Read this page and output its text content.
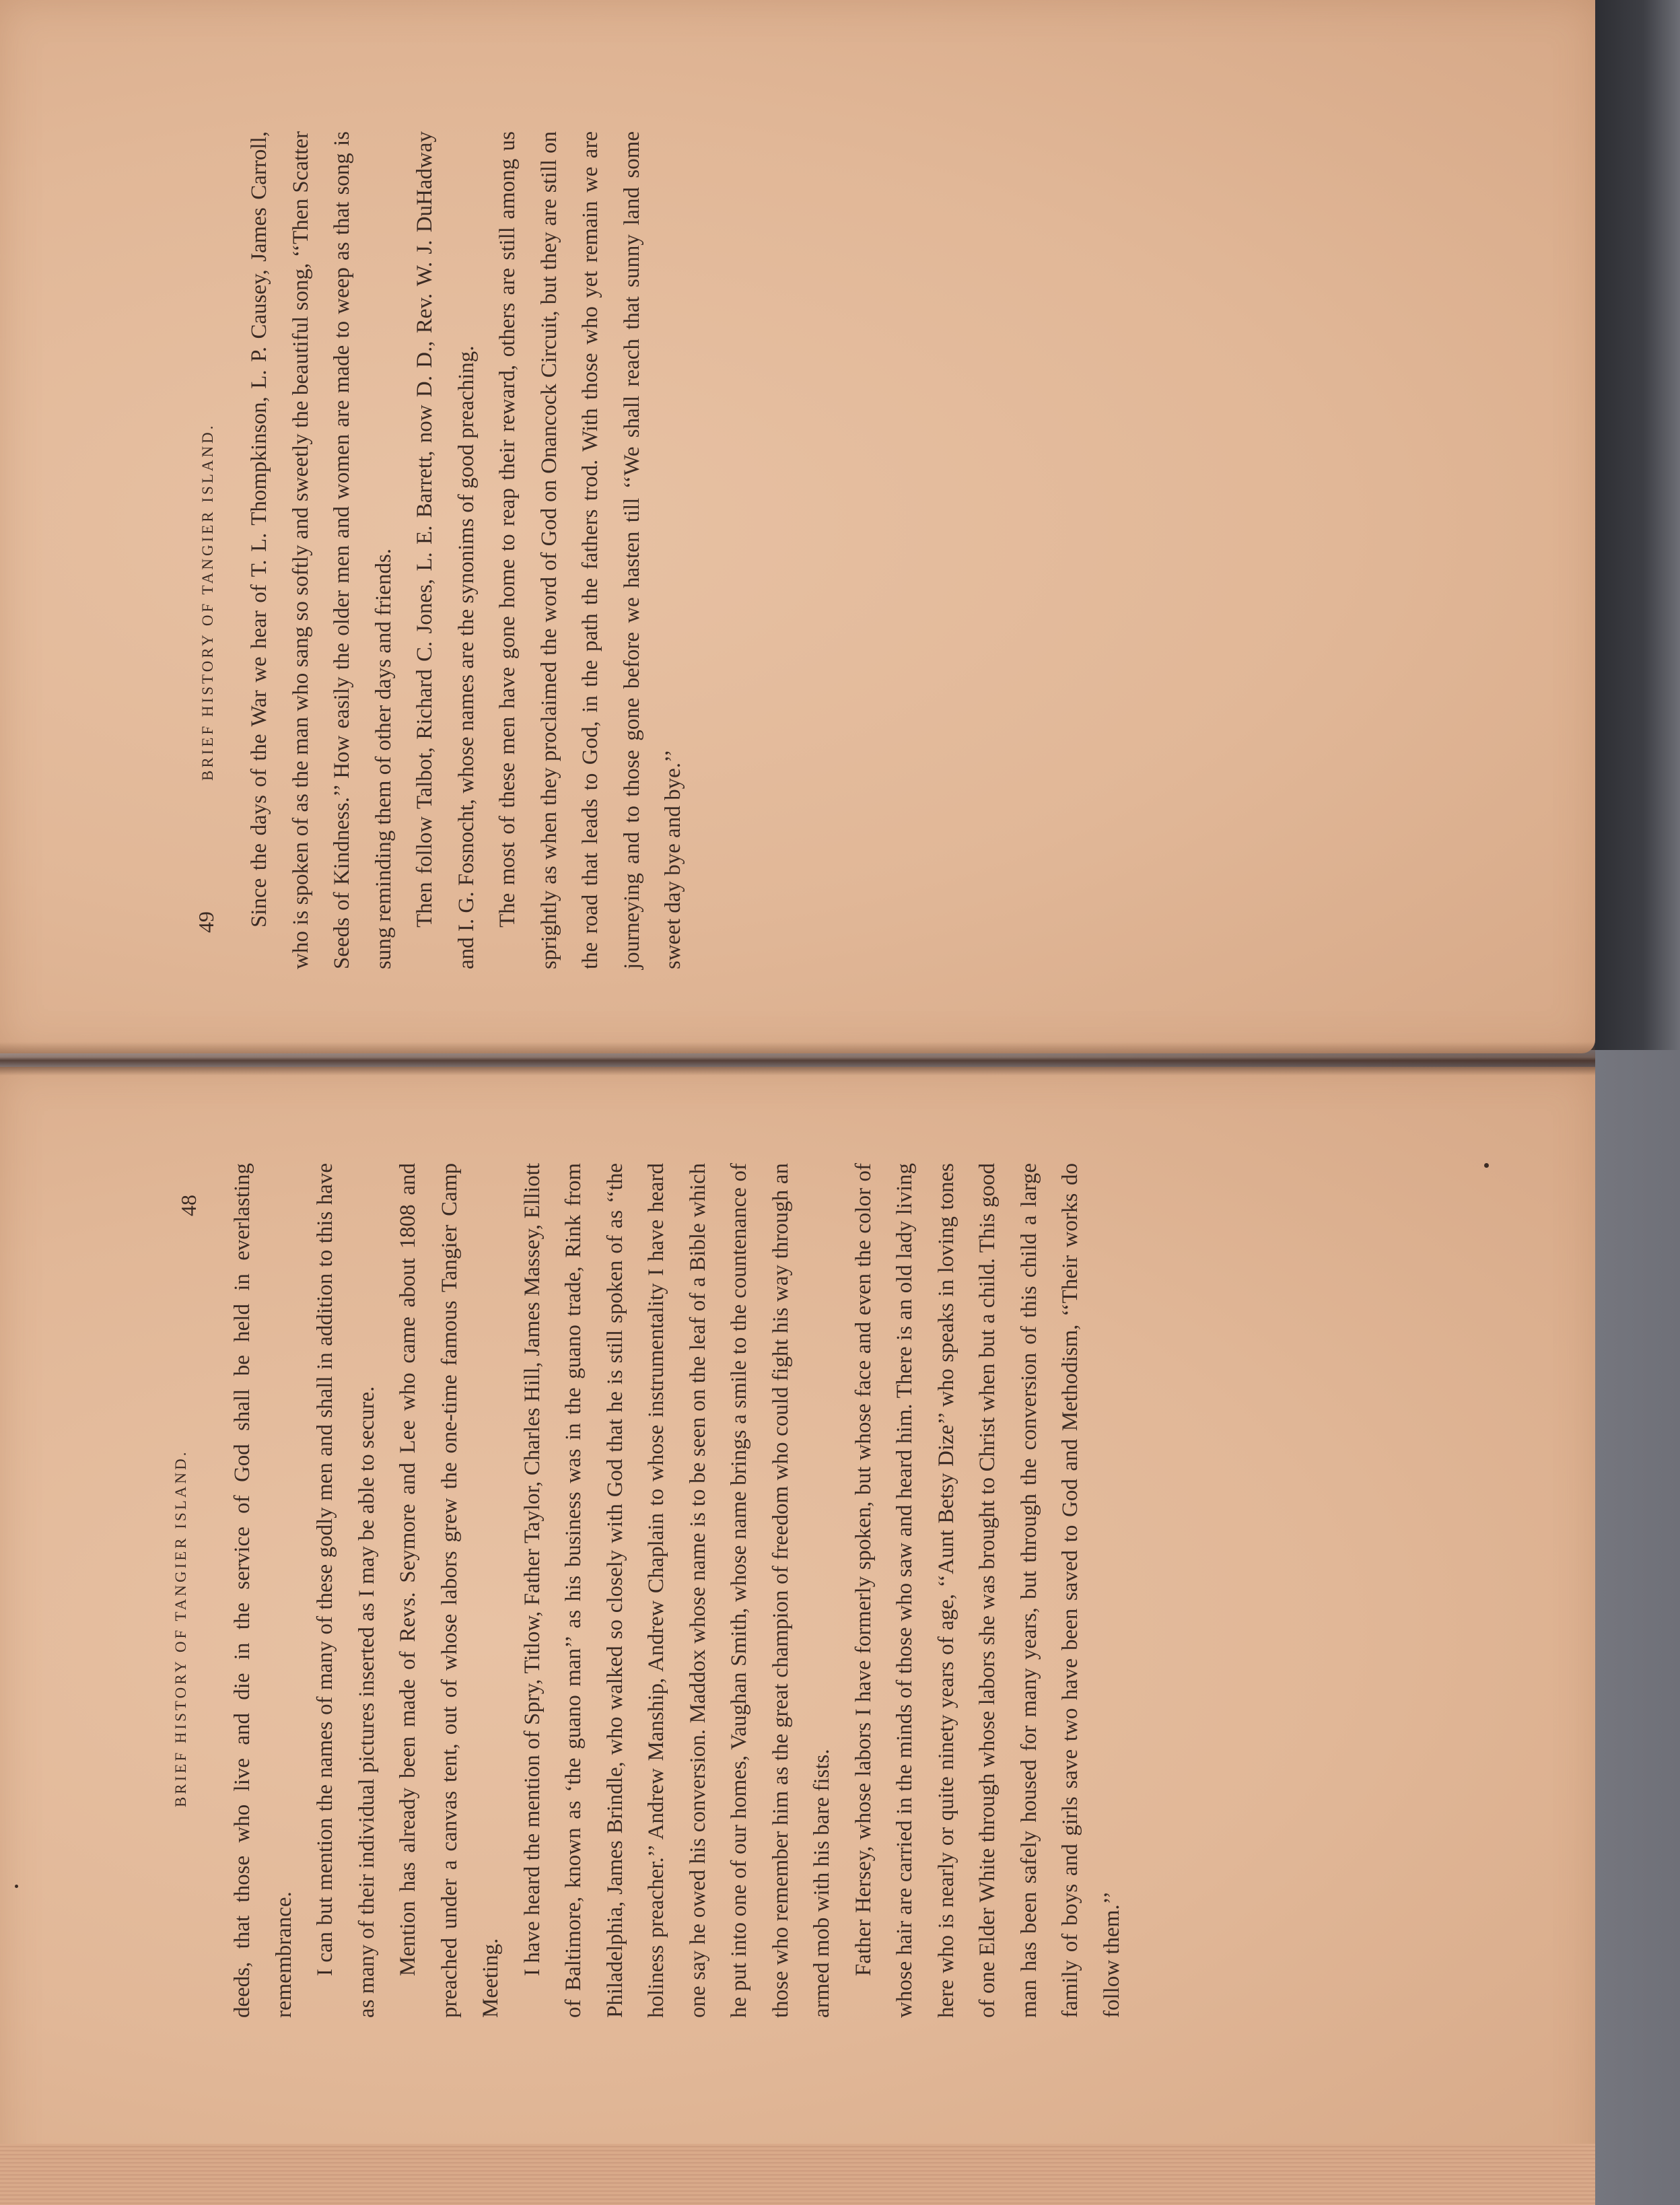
49
BRIEF HISTORY OF TANGIER ISLAND.	Since the days of the War we hear of T. L. Thompkinson, L. P. Causey, James Carroll, who is spoken of as the man who sang so softly and sweetly the beautiful song, ‘‘Then Scatter Seeds of Kindness.’’ How easily the older men and women are made to weep as that song is sung reminding them of other days and friends. Then follow Talbot, Richard C. Jones, L. E. Barrett, now D. D., Rev. W. J. DuHadway and I. G. Fosnocht, whose names are the synonims of good preaching. The most of these men have gone home to reap their reward, others are still among us sprightly as when they proclaimed the word of God on Onancock Circuit, but they are still on the road that leads to God, in the path the fathers trod. With those who yet remain we are journeying and to those gone before we hasten till ‘‘We shall reach that sunny land some sweet day bye and bye.’’

48
BRIEF HISTORY OF TANGIER ISLAND.	deeds, that those who live and die in the service of God shall be held in everlasting remembrance. I can but mention the names of many of these godly men and shall in addition to this have as many of their individual pictures inserted as I may be able to secure. Mention has already been made of Revs. Seymore and Lee who came about 1808 and preached under a canvas tent, out of whose labors grew the one-time famous Tangier Camp Meeting.

I have heard the mention of Spry, Titlow, Father Taylor, Charles Hill, James Massey, Elliott of Baltimore, known as ‘the guano man’’ as his business was in the guano trade, Rink from Philadelphia, James Brindle, who walked so closely with God that he is still spoken of as ‘‘the holiness preacher.’’ Andrew Manship, Andrew Chaplain to whose instrumentality I have heard one say he owed his conversion. Maddox whose name is to be seen on the leaf of a Bible which he put into one of our homes, Vaughan Smith, whose name brings a smile to the countenance of those who remember him as the great champion of freedom who could fight his way through an armed mob with his bare fists. Father Hersey, whose labors I have formerly spoken, but whose face and even the color of whose hair are carried in the minds of those who saw and heard him. There is an old lady living here who is nearly or quite ninety years of age, ‘‘Aunt Betsy Dize’’ who speaks in loving tones of one Elder White through whose labors she was brought to Christ when but a child. This good man has been safely housed for many years, but through the conversion of this child a large family of boys and girls save two have been saved to God and Methodism, ‘‘Their works do follow them.’’
